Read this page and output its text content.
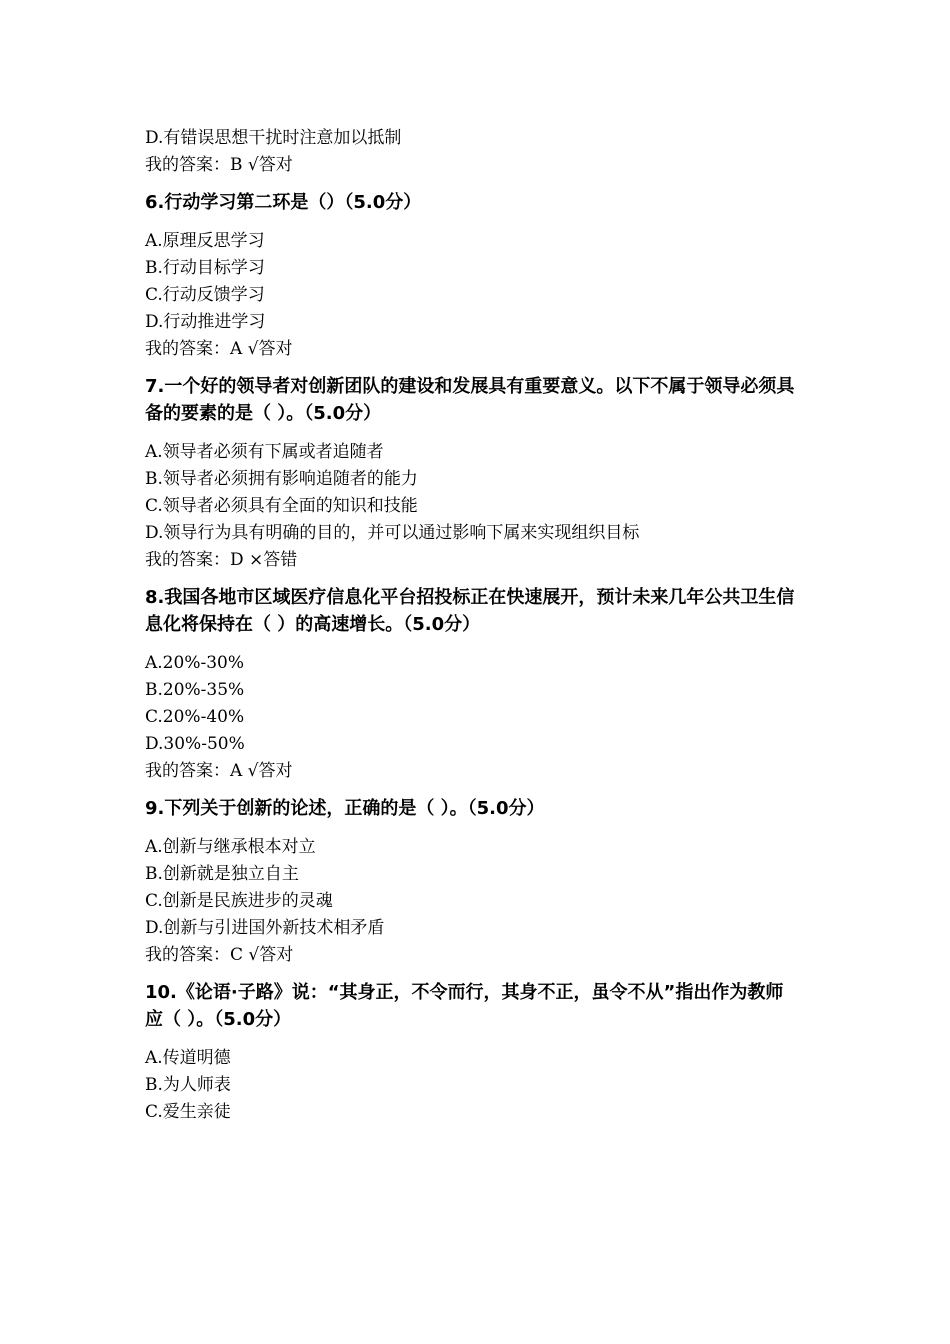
D.有错误思想干扰时注意加以抵制
我的答案：B √答对
6.行动学习第二环是（）（5.0分）
A.原理反思学习
B.行动目标学习
C.行动反馈学习
D.行动推进学习
我的答案：A √答对
7.一个好的领导者对创新团队的建设和发展具有重要意义。以下不属于领导必须具备的要素的是（ ）。（5.0分）
A.领导者必须有下属或者追随者
B.领导者必须拥有影响追随者的能力
C.领导者必须具有全面的知识和技能
D.领导行为具有明确的目的，并可以通过影响下属来实现组织目标
我的答案：D ×答错
8.我国各地市区域医疗信息化平台招投标正在快速展开，预计未来几年公共卫生信息化将保持在（ ）的高速增长。（5.0分）
A.20%-30%
B.20%-35%
C.20%-40%
D.30%-50%
我的答案：A √答对
9.下列关于创新的论述，正确的是（ ）。（5.0分）
A.创新与继承根本对立
B.创新就是独立自主
C.创新是民族进步的灵魂
D.创新与引进国外新技术相矛盾
我的答案：C √答对
10.《论语·子路》说：“其身正，不令而行，其身不正，虽令不从”指出作为教师应（ ）。（5.0分）
A.传道明德
B.为人师表
C.爱生亲徒
